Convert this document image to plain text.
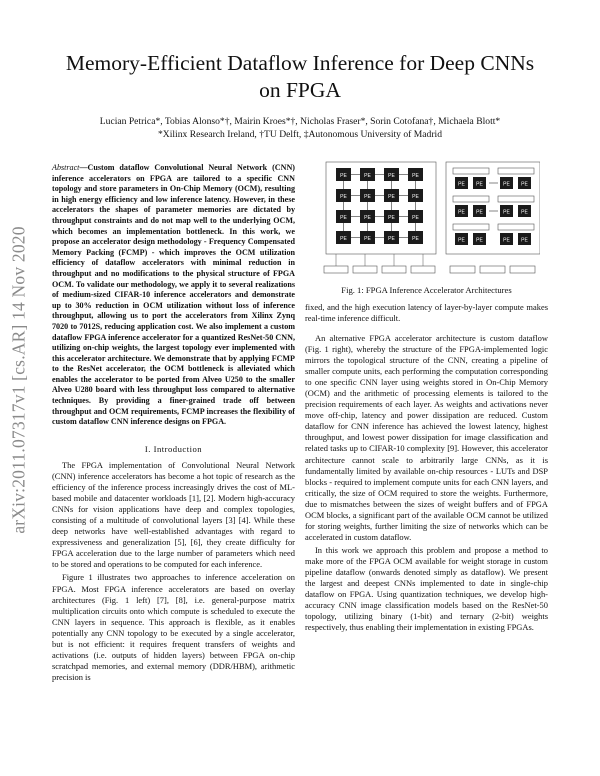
arXiv:2011.07317v1 [cs.AR] 14 Nov 2020
Memory-Efficient Dataflow Inference for Deep CNNs on FPGA
Lucian Petrica*, Tobias Alonso*†, Mairin Kroes*†, Nicholas Fraser*, Sorin Cotofana†, Michaela Blott*
*Xilinx Research Ireland, †TU Delft, ‡Autonomous University of Madrid
Abstract—Custom dataflow Convolutional Neural Network (CNN) inference accelerators on FPGA are tailored to a specific CNN topology and store parameters in On-Chip Memory (OCM), resulting in high energy efficiency and low inference latency. However, in these accelerators the shapes of parameter memories are dictated by throughput constraints and do not map well to the underlying OCM, which becomes an implementation bottleneck. In this work, we propose an accelerator design methodology - Frequency Compensated Memory Packing (FCMP) - which improves the OCM utilization efficiency of dataflow accelerators with minimal reduction in throughput and no modifications to the physical structure of FPGA OCM. To validate our methodology, we apply it to several realizations of medium-sized CIFAR-10 inference accelerators and demonstrate up to 30% reduction in OCM utilization without loss of inference throughput, allowing us to port the accelerators from Xilinx Zynq 7020 to 7012S, reducing application cost. We also implement a custom dataflow FPGA inference accelerator for a quantized ResNet-50 CNN, utilizing on-chip weights, the largest topology ever implemented with this accelerator architecture. We demonstrate that by applying FCMP to the ResNet accelerator, the OCM bottleneck is alleviated which enables the accelerator to be ported from Alveo U250 to the smaller Alveo U280 board with less throughput loss compared to alternative techniques. By providing a finer-grained trade off between throughput and OCM requirements, FCMP increases the flexibility of custom dataflow CNN inference designs on FPGA.
I. Introduction

The FPGA implementation of Convolutional Neural Network (CNN) inference accelerators has become a hot topic of research as the efficiency of the inference process increasingly drives the cost of ML-based mobile and datacenter workloads [1], [2]. Modern high-accuracy CNNs for vision applications have deep and complex topologies, consisting of a multitude of convolutional layers [3] [4]. While these deep networks have well-established advantages with regard to expressiveness and generalization [5], [6], they create difficulty for FPGA acceleration due to the large number of parameters which need to be stored and operations to be computed for each inference.

Figure 1 illustrates two approaches to inference acceleration on FPGA. Most FPGA inference accelerators are based on overlay architectures (Fig. 1 left) [7], [8], i.e. general-purpose matrix multiplication circuits onto which compute is scheduled to execute the CNN layers in sequence. This approach is flexible, as it enables potentially any CNN topology to be executed by a single accelerator, but is not efficient: it requires frequent transfers of weights and activations (i.e. outputs of hidden layers) between FPGA on-chip scratchpad memories, and external memory (DDR/HBM), arithmetic precision is

PE	PE	PE	PE
PE	PE	PE	PE
PE	PE	PE	PE
PE	PE	PE	PE
PE PE	PE PE
PE PE	PE PE
PE PE	PE PE
Fig. 1: FPGA Inference Accelerator Architectures
fixed, and the high execution latency of layer-by-layer compute makes real-time inference difficult.

An alternative FPGA accelerator architecture is custom dataflow (Fig. 1 right), whereby the structure of the FPGA-implemented logic mirrors the topological structure of the CNN, creating a pipeline of smaller compute units, each performing the computation corresponding to one specific CNN layer using weights stored in On-Chip Memory (OCM) and the arithmetic of processing elements is tailored to the precision requirements of each layer. As weights and activations never move off-chip, latency and power dissipation are reduced. Custom dataflow for CNN inference has achieved the lowest latency, highest throughput, and lowest power dissipation for image classification and related tasks up to CIFAR-10 complexity [9]. However, this accelerator architecture cannot scale to arbitrarily large CNNs, as it is fundamentally limited by available on-chip resources - LUTs and DSP blocks - required to implement compute units for each CNN layers, and critically, the size of OCM required to store the weights. Furthermore, due to mismatches between the sizes of weight buffers and of FPGA OCM blocks, a significant part of the available OCM cannot be utilized for storing weights, further limiting the size of networks which can be accelerated in custom dataflow.

In this work we approach this problem and propose a method to make more of the FPGA OCM available for weight storage in custom pipeline dataflow (onwards denoted simply as dataflow). We present the largest and deepest CNNs implemented to date in single-chip dataflow on FPGA. Using quantization techniques, we develop high-accuracy CNN image classification models based on the ResNet-50 topology, utilizing binary (1-bit) and ternary (2-bit) weights respectively, thus enabling their implementation in existing FPGAs.
